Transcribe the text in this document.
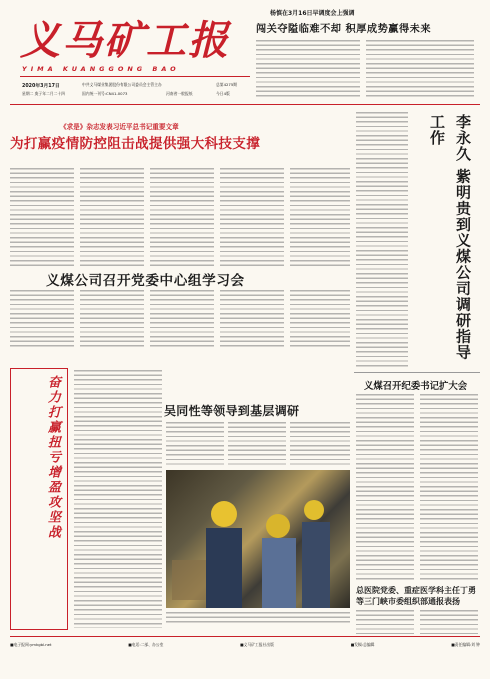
义马矿工报
YIMA KUANGGONG BAO
2020年3月17日
星期二 庚子年二月二十四
中共义马煤业集团股份有限公司委员会主管主办	总第4275期
国内统一刊号:CN41-0073	河南省一般报纸	今日4版
杨慎在3月16日早调度会上强调
闯关夺隘临难不却 积厚成势赢得未来
《求是》杂志发表习近平总书记重要文章
为打赢疫情防控阻击战提供强大科技支撑	李永久 紫明贵到义煤公司调研指导工作
义煤公司召开党委中心组学习会
奋力打赢扭亏增盈攻坚战	吴同性等领导到基层调研
义煤召开纪委书记扩大会
总医院党委、重症医学科主任丁勇等三门峡市委组织部通报表扬
■电子报网:ymkgbl.net	■电话:二部、办公室	■义马矿工报社出版	■发稿:总编辑	■责任编辑:刘 钟
